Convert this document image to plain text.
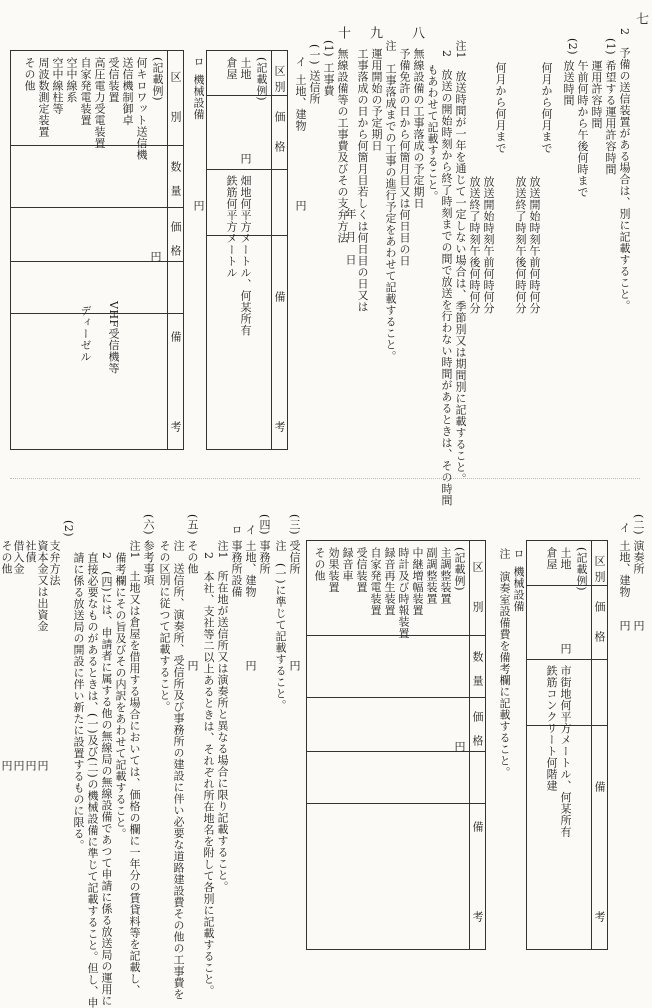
七
2　予備の送信装置がある場合は、別に記載すること。
(1)
希望する運用許容時間
運用許容時間
午前何時から午後何時まで
放送時間
(2)
何月から何月まで
放送開始時刻午前何時何分
放送終了時刻午後何時何分
何月から何月まで
放送開始時刻午前何時何分
放送終了時刻午後何時何分
注1　放送時間が一年を通じて一定しない場合は、季節別又は期間別に記載すること。
2　放送の開始時刻から終了時刻までの間で放送を行わない時間があるときは、その時間
もあわせて記載すること。
八
無線設備の工事落成の予定期日
予備免許の日から何箇月目又は何日目の日
注　工事落成までの工事の進行予定をあわせて記載すること。
九
運用開始の予定期日
工事落成の日から何箇月目若しくは何日目の日又は
年　月　日
十
無線設備等の工事費及びその支弁方法
(1)
工事費
(一)
送信所
イ
土地、建物
円
区
別
価
格
備
考
(記載例)
土地
円
倉屋
畑地何平方メートル、何某所有
鉄筋何平方メートル
ロ
機械設備
円
区
別
数
量
価
格
備
考
(記載例)
何キロワット送信機
送信機制御卓
受信装置
高圧電力受電装置
自家発電装置
空中線系
空中線柱等
周波数測定装置
その他
円
VHF受信機等
ディーゼル
(二)
演奏所
円
イ
土地、建物
円
区
別
価
格
備
考
(記載例)
土地
円
倉屋
市街地何平方メートル、何某所有
鉄筋コンクリート何階建
ロ
機械設備
注　演奏室設備費を備考欄に記載すること。
区
別
数
量
価
格
備
考
(記載例)
主調整装置
副調整装置
中継増幅装置
時計及び時報装置
録音再生装置
自家発電装置
受信装置
録音車
効果装置
その他
円
(三)
受信所
円
注　(一)に準じて記載すること。
(四)
事務所
イ
土地、建物
ロ
事務所設備
円
注1　所在地が送信所又は演奏所と異なる場合に限り記載すること。
2　本社、支社等二以上あるときは、それぞれ所在地名を附して各別に記載すること。
(五)
その他
円
注　送信所、演奏所、受信所及び事務所の建設に伴い必要な道路建設費その他の工事費を
その区別に従つて記載すること。
(六)
参考事項
注1　土地又は倉屋を借用する場合においては、価格の欄に一年分の賃貸料等を記載し、
備考欄にその旨及びその内訳をあわせて記載すること。
2　(四)には、申請者に属する他の無線局の無線設備であつて申請に係る放送局の運用に
直接必要なものがあるときは、(一)及び(二)の機械設備に準じて記載すること。但し、申
請に係る放送局の開設に伴い新たに設置するものに限る。
(2)
支弁方法
資本金又は出資金
社債
借入金
その他
円
円
円
円
